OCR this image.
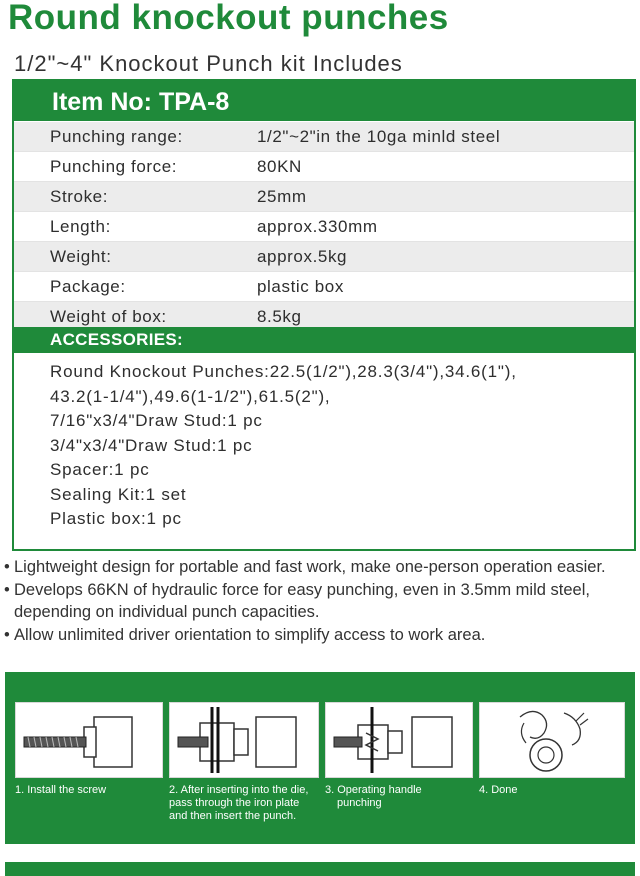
Round knockout punches
1/2"~4" Knockout Punch kit Includes
Item No: TPA-8
Punching range:	1/2"~2"in the 10ga minld steel
Punching force:	80KN
Stroke:	25mm
Length:	approx.330mm
Weight:	approx.5kg
Package:	plastic box
Weight of box:	8.5kg
ACCESSORIES:
Round Knockout Punches:22.5(1/2"),28.3(3/4"),34.6(1"),
43.2(1-1/4"),49.6(1-1/2"),61.5(2"),
7/16"x3/4"Draw Stud:1 pc
3/4"x3/4"Draw Stud:1 pc
Spacer:1 pc
Sealing Kit:1 set
Plastic box:1 pc
• Lightweight design for portable and fast work, make one-person operation easier.
• Develops 66KN of hydraulic force for easy punching, even in 3.5mm mild steel,
depending on individual punch capacities.
• Allow unlimited driver orientation to simplify access to work area.
1. Install the screw	2. After inserting into the die,
pass through the iron plate
and then insert the punch.
3. Operating handle
punching
4. Done
